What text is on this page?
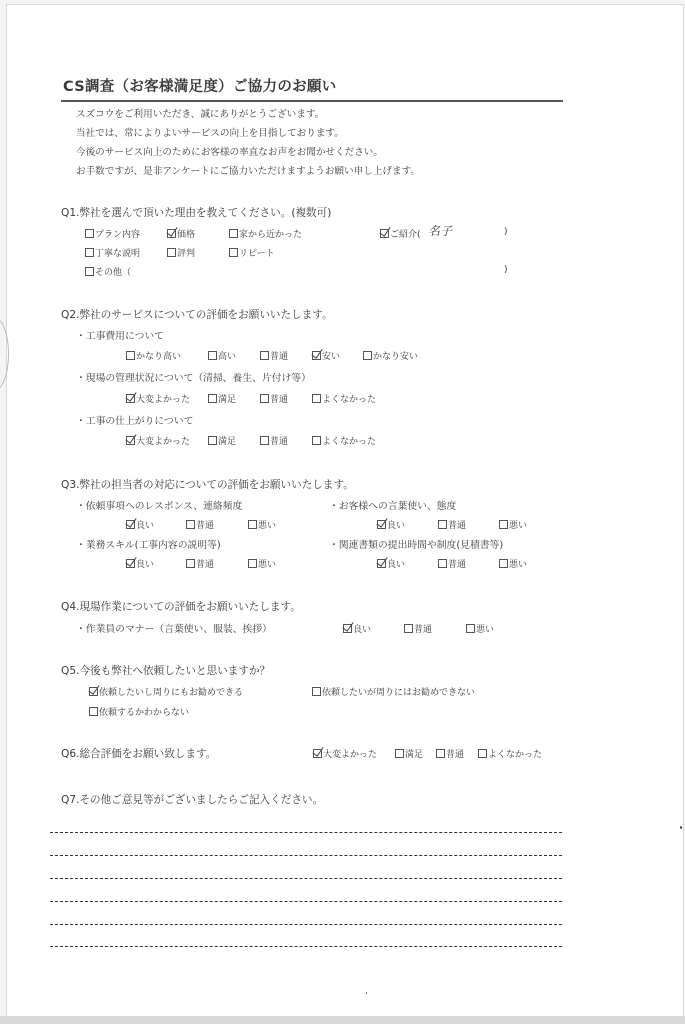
CS調査（お客様満足度）ご協力のお願い
スズコウをご利用いただき、誠にありがとうございます。
当社では、常によりよいサービスの向上を目指しております。
今後のサービス向上のためにお客様の率直なお声をお聞かせください。
お手数ですが、是非アンケートにご協力いただけますようお願い申し上げます。
Q1.弊社を選んで頂いた理由を教えてください。(複数可)
プラン内容	価格	家から近かった	ご紹介( 名子	)
丁寧な説明	評判	リピート
その他（	)
Q2.弊社のサービスについての評価をお願いいたします。
・工事費用について
かなり高い	高い	普通	安い	かなり安い
・現場の管理状況について（清掃、養生、片付け等）
大変よかった	満足	普通	よくなかった
・工事の仕上がりについて
大変よかった	満足	普通	よくなかった
Q3.弊社の担当者の対応についての評価をお願いいたします。
・依頼事項へのレスポンス、連絡頻度
良い	普通	悪い
・お客様への言葉使い、態度
良い	普通	悪い
・業務スキル(工事内容の説明等)
良い	普通	悪い
・関連書類の提出時間や制度(見積書等)
良い	普通	悪い
Q4.現場作業についての評価をお願いいたします。
・作業員のマナー（言葉使い、服装、挨拶）	良い	普通	悪い
Q5.今後も弊社へ依頼したいと思いますか？
依頼したいし周りにもお勧めできる	依頼したいが周りにはお勧めできない
依頼するかわからない
Q6.総合評価をお願い致します。	大変よかった	満足	普通	よくなかった
Q7.その他ご意見等がございましたらご記入ください。
